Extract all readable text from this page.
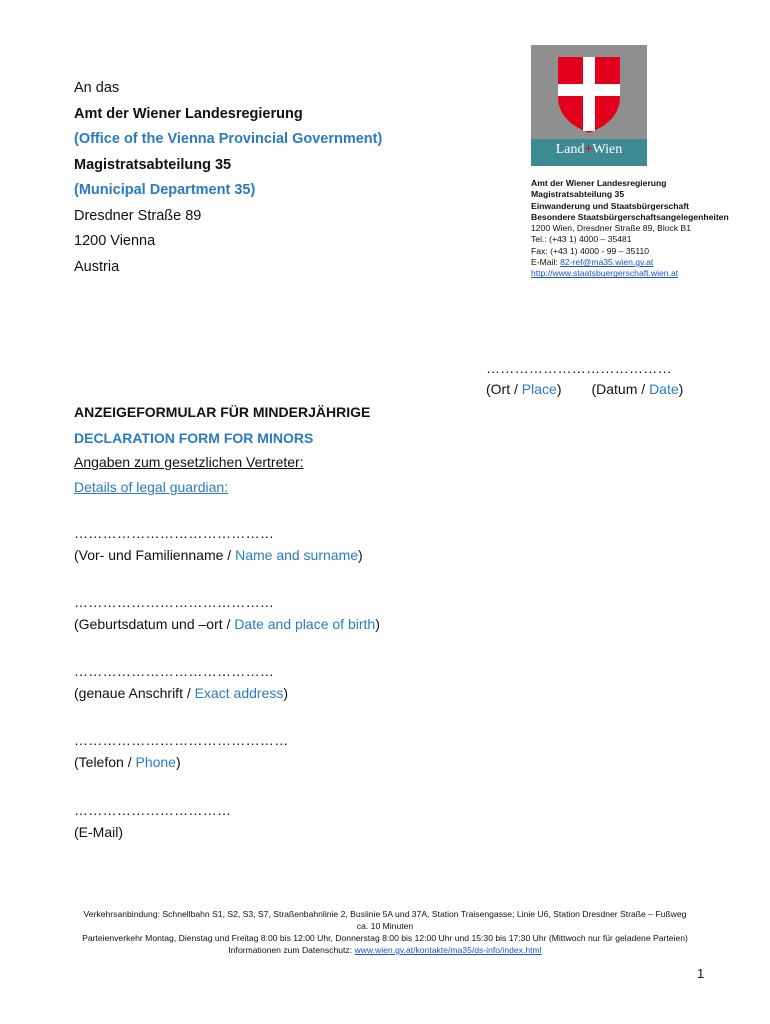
An das
Amt der Wiener Landesregierung
(Office of the Vienna Provincial Government)
Magistratsabteilung 35
(Municipal Department 35)
Dresdner Straße 89
1200 Vienna
Austria
Land+Wien
Amt der Wiener Landesregierung
Magistratsabteilung 35
Einwanderung und Staatsbürgerschaft
Besondere Staatsbürgerschaftsangelegenheiten
1200 Wien, Dresdner Straße 89, Block B1
Tel.: (+43 1) 4000 – 35481
Fax: (+43 1) 4000 - 99 – 35110
E-Mail: 82-ref@ma35.wien.gv.at
http://www.staatsbuergerschaft.wien.at
…………………………………
(Ort / Place) (Datum / Date)
ANZEIGEFORMULAR FÜR MINDERJÄHRIGE
DECLARATION FORM FOR MINORS
Angaben zum gesetzlichen Vertreter:
Details of legal guardian:
……………………………………
(Vor- und Familienname / Name and surname)
……………………………………
(Geburtsdatum und –ort / Date and place of birth)
……………………………………
(genaue Anschrift / Exact address)
………………………………………
(Telefon / Phone)
……………………………
(E-Mail)
Verkehrsanbindung: Schnellbahn S1, S2, S3, S7, Straßenbahnlinie 2, Buslinie 5A und 37A, Station Traisengasse; Linie U6, Station Dresdner Straße – Fußweg
ca. 10 Minuten
Parteienverkehr Montag, Dienstag und Freitag 8:00 bis 12:00 Uhr, Donnerstag 8:00 bis 12:00 Uhr und 15:30 bis 17:30 Uhr (Mittwoch nur für geladene Parteien)
Informationen zum Datenschutz: www.wien.gv.at/kontakte/ma35/ds-info/index.html
1
